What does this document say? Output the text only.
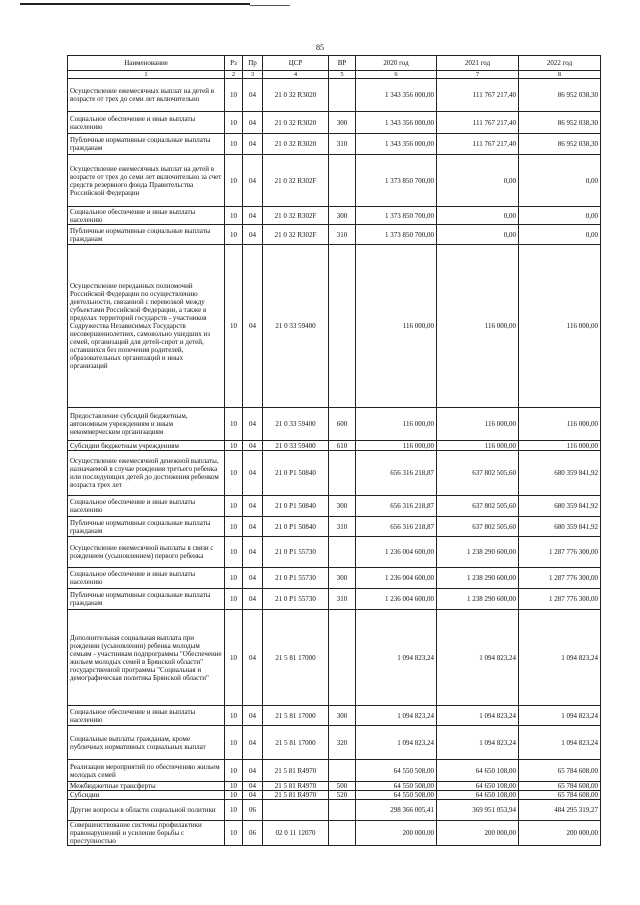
85
Наименование	Рз	Пр	ЦСР	ВР	2020 год	2021 год	2022 год
1	2	3	4	5	6	7	8
Осуществление ежемесячных выплат на детей в возрасте от трех до семи лет включительно	10	04	21 0 32 R3020		1 343 356 000,00	111 767 217,40	86 952 038,30
Социальное обеспечение и иные выплаты населению	10	04	21 0 32 R3020	300	1 343 356 000,00	111 767 217,40	86 952 038,30
Публичные нормативные социальные выплаты гражданам	10	04	21 0 32 R3020	310	1 343 356 000,00	111 767 217,40	86 952 038,30
Осуществление ежемесячных выплат на детей в возрасте от трех до семи лет включительно за счет средств резервного фонда Правительства Российской Федерации	10	04	21 0 32 R302F		1 373 850 700,00	0,00	0,00
Социальное обеспечение и иные выплаты населению	10	04	21 0 32 R302F	300	1 373 850 700,00	0,00	0,00
Публичные нормативные социальные выплаты гражданам	10	04	21 0 32 R302F	310	1 373 850 700,00	0,00	0,00
Осуществление переданных полномочий Российской Федерации по осуществлению деятельности, связанной с перевозкой между субъектами Российской Федерации, а также в пределах территорий государств - участников Содружества Независимых Государств несовершеннолетних, самовольно ушедших из семей, организаций для детей-сирот и детей, оставшихся без попечения родителей, образовательных организаций и иных организаций	10	04	21 0 33 59400		116 000,00	116 000,00	116 000,00
Предоставление субсидий бюджетным, автономным учреждениям и иным некоммерческим организациям	10	04	21 0 33 59400	600	116 000,00	116 000,00	116 000,00
Субсидии бюджетным учреждениям	10	04	21 0 33 59400	610	116 000,00	116 000,00	116 000,00
Осуществление ежемесячной денежной выплаты, назначаемой в случае рождения третьего ребенка или последующих детей до достижения ребенком возраста трех лет	10	04	21 0 P1 50840		656 316 218,87	637 802 505,60	680 359 841,92
Социальное обеспечение и иные выплаты населению	10	04	21 0 P1 50840	300	656 316 218,87	637 802 505,60	680 359 841,92
Публичные нормативные социальные выплаты гражданам	10	04	21 0 P1 50840	310	656 316 218,87	637 802 505,60	680 359 841,92
Осуществление ежемесячной выплаты в связи с рождением (усыновлением) первого ребенка	10	04	21 0 P1 55730		1 236 004 600,00	1 238 290 600,00	1 287 776 300,00
Социальное обеспечение и иные выплаты населению	10	04	21 0 P1 55730	300	1 236 004 600,00	1 238 290 600,00	1 287 776 300,00
Публичные нормативные социальные выплаты гражданам	10	04	21 0 P1 55730	310	1 236 004 600,00	1 238 290 600,00	1 287 776 300,00
Дополнительная социальная выплата при рождении (усыновлении) ребенка молодым семьям - участникам подпрограммы "Обеспечение жильем молодых семей в Брянской области" государственной программы "Социальная и демографическая политика Брянской области"	10	04	21 5 81 17000		1 094 823,24	1 094 823,24	1 094 823,24
Социальное обеспечение и иные выплаты населению	10	04	21 5 81 17000	300	1 094 823,24	1 094 823,24	1 094 823,24
Социальные выплаты гражданам, кроме публичных нормативных социальных выплат	10	04	21 5 81 17000	320	1 094 823,24	1 094 823,24	1 094 823,24
Реализация мероприятий по обеспечению жильем молодых семей	10	04	21 5 81 R4970		64 550 508,00	64 650 108,00	65 784 608,00
Межбюджетные трансферты	10	04	21 5 81 R4970	500	64 550 508,00	64 650 108,00	65 784 608,00
Субсидии	10	04	21 5 81 R4970	520	64 550 508,00	64 650 108,00	65 784 608,00
Другие вопросы в области социальной политики	10	06			298 366 005,41	369 951 053,94	484 295 319,27
Совершенствование системы профилактики правонарушений и усиление борьбы с преступностью	10	06	02 0 11 12070		200 000,00	200 000,00	200 000,00
